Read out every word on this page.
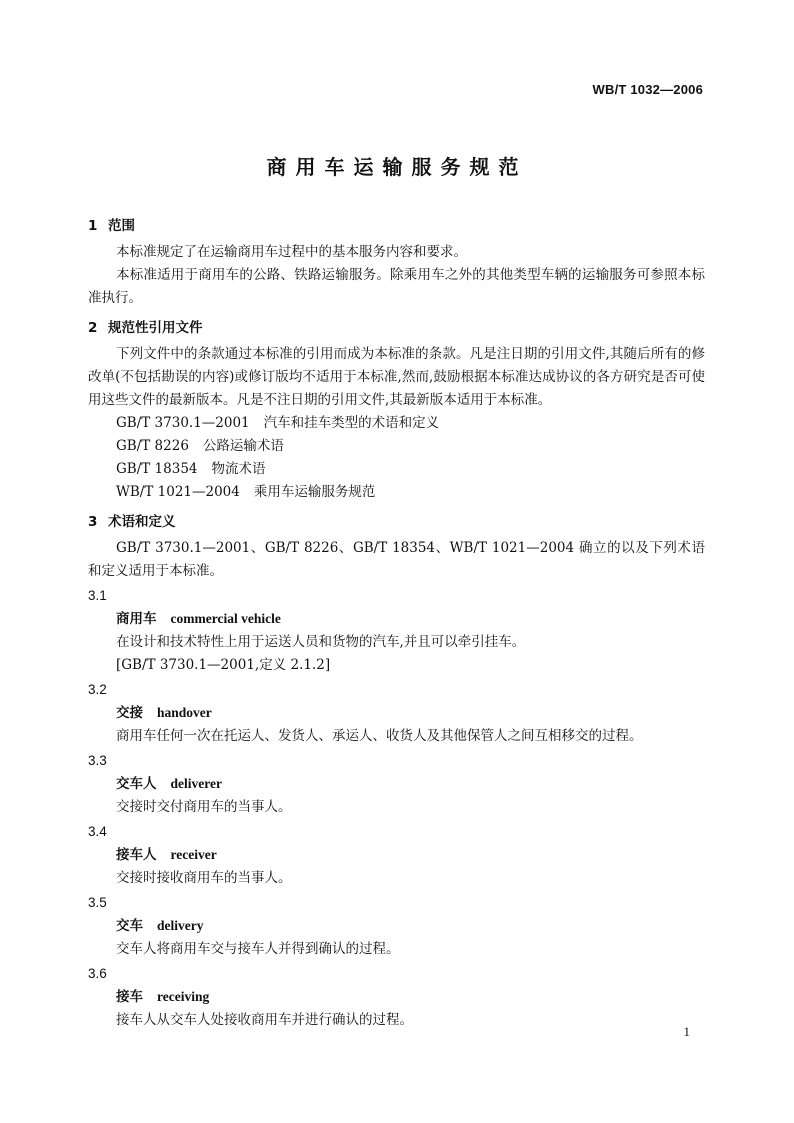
WB/T 1032—2006
商用车运输服务规范
1 范围

本标准规定了在运输商用车过程中的基本服务内容和要求。

本标准适用于商用车的公路、铁路运输服务。除乘用车之外的其他类型车辆的运输服务可参照本标准执行。

2 规范性引用文件

下列文件中的条款通过本标准的引用而成为本标准的条款。凡是注日期的引用文件,其随后所有的修改单(不包括勘误的内容)或修订版均不适用于本标准,然而,鼓励根据本标准达成协议的各方研究是否可使用这些文件的最新版本。凡是不注日期的引用文件,其最新版本适用于本标准。

GB/T 3730.1—2001 汽车和挂车类型的术语和定义
GB/T 8226 公路运输术语
GB/T 18354 物流术语
WB/T 1021—2004 乘用车运输服务规范
3 术语和定义

GB/T 3730.1—2001、GB/T 8226、GB/T 18354、WB/T 1021—2004 确立的以及下列术语和定义适用于本标准。

3.1
商用车 commercial vehicle
在设计和技术特性上用于运送人员和货物的汽车,并且可以牵引挂车。
[GB/T 3730.1—2001,定义 2.1.2]
3.2
交接 handover
商用车任何一次在托运人、发货人、承运人、收货人及其他保管人之间互相移交的过程。
3.3
交车人 deliverer
交接时交付商用车的当事人。
3.4
接车人 receiver
交接时接收商用车的当事人。
3.5
交车 delivery
交车人将商用车交与接车人并得到确认的过程。
3.6
接车 receiving
接车人从交车人处接收商用车并进行确认的过程。
1
